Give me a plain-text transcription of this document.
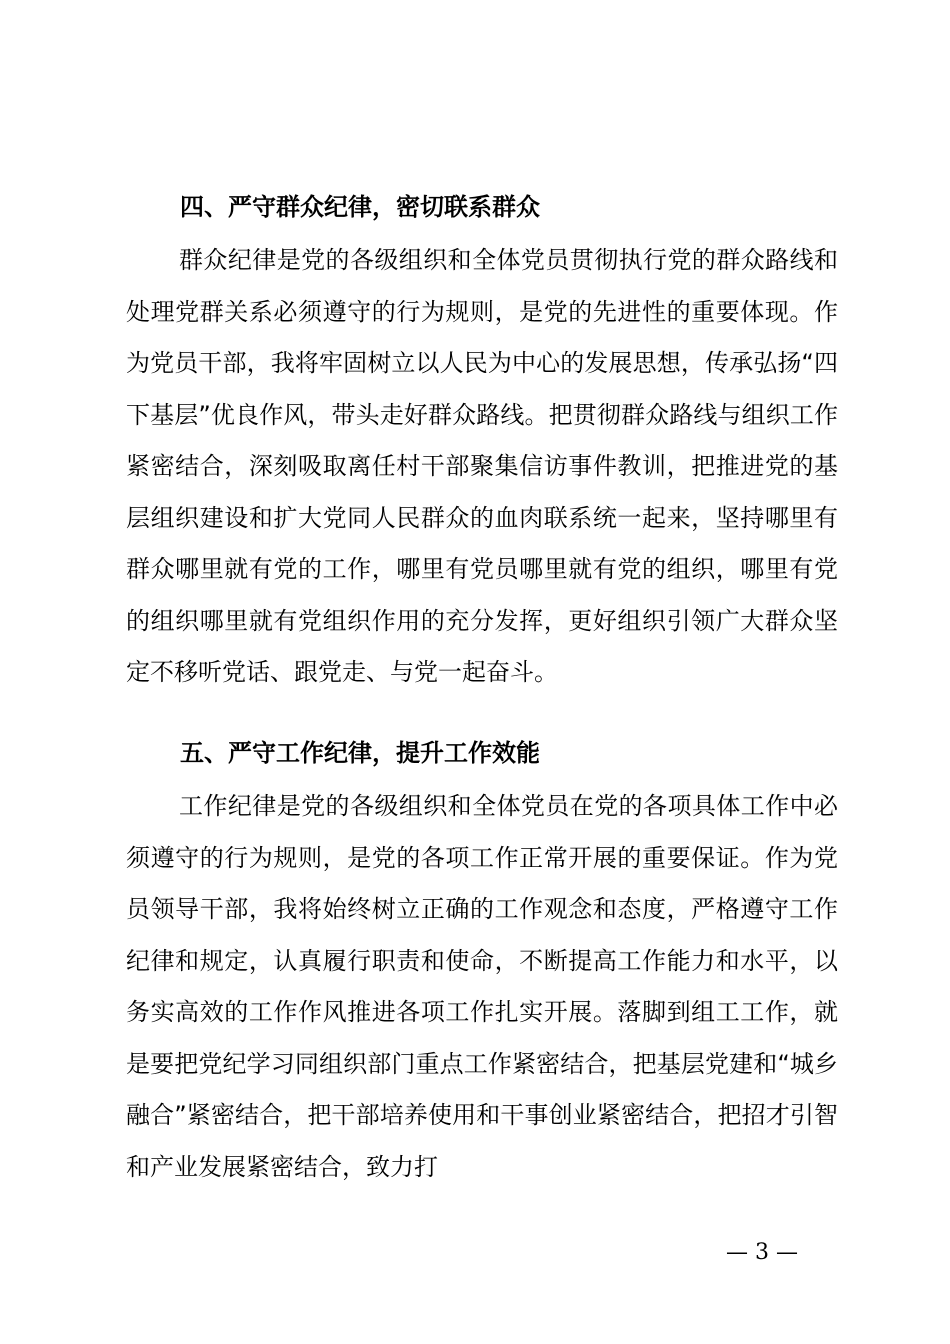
四、严守群众纪律，密切联系群众

群众纪律是党的各级组织和全体党员贯彻执行党的群众路线和处理党群关系必须遵守的行为规则，是党的先进性的重要体现。作为党员干部，我将牢固树立以人民为中心的发展思想，传承弘扬“四下基层”优良作风，带头走好群众路线。把贯彻群众路线与组织工作紧密结合，深刻吸取离任村干部聚集信访事件教训，把推进党的基层组织建设和扩大党同人民群众的血肉联系统一起来，坚持哪里有群众哪里就有党的工作，哪里有党员哪里就有党的组织，哪里有党的组织哪里就有党组织作用的充分发挥，更好组织引领广大群众坚定不移听党话、跟党走、与党一起奋斗。

五、严守工作纪律，提升工作效能

工作纪律是党的各级组织和全体党员在党的各项具体工作中必须遵守的行为规则，是党的各项工作正常开展的重要保证。作为党员领导干部，我将始终树立正确的工作观念和态度，严格遵守工作纪律和规定，认真履行职责和使命，不断提高工作能力和水平，以务实高效的工作作风推进各项工作扎实开展。落脚到组工工作，就是要把党纪学习同组织部门重点工作紧密结合，把基层党建和“城乡融合”紧密结合，把干部培养使用和干事创业紧密结合，把招才引智和产业发展紧密结合，致力打

— 3 —
